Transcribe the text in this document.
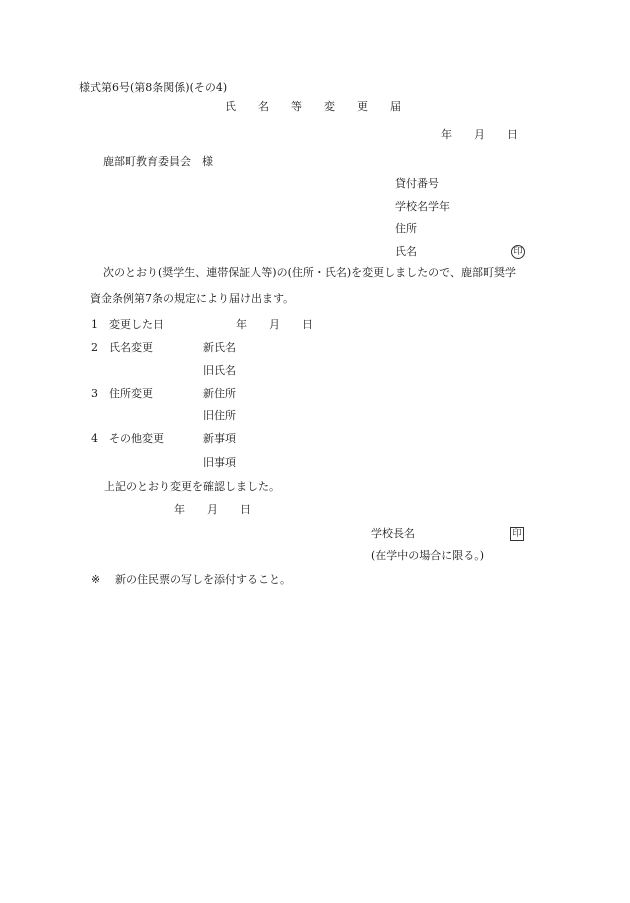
様式第6号(第8条関係)(その4)
氏　　名　　等　　変　　更　　届
年　　月　　日
鹿部町教育委員会　様
貸付番号
学校名学年
住所
氏名	印
次のとおり(奨学生、連帯保証人等)の(住所・氏名)を変更しましたので、鹿部町奨学
資金条例第7条の規定により届け出ます。
1 変更した日	年　　月　　日
2 氏名変更	新氏名
旧氏名
3 住所変更	新住所
旧住所
4 その他変更	新事項
旧事項
上記のとおり変更を確認しました。
年　　月　　日
学校長名	印
(在学中の場合に限る。)
※ 新の住民票の写しを添付すること。
